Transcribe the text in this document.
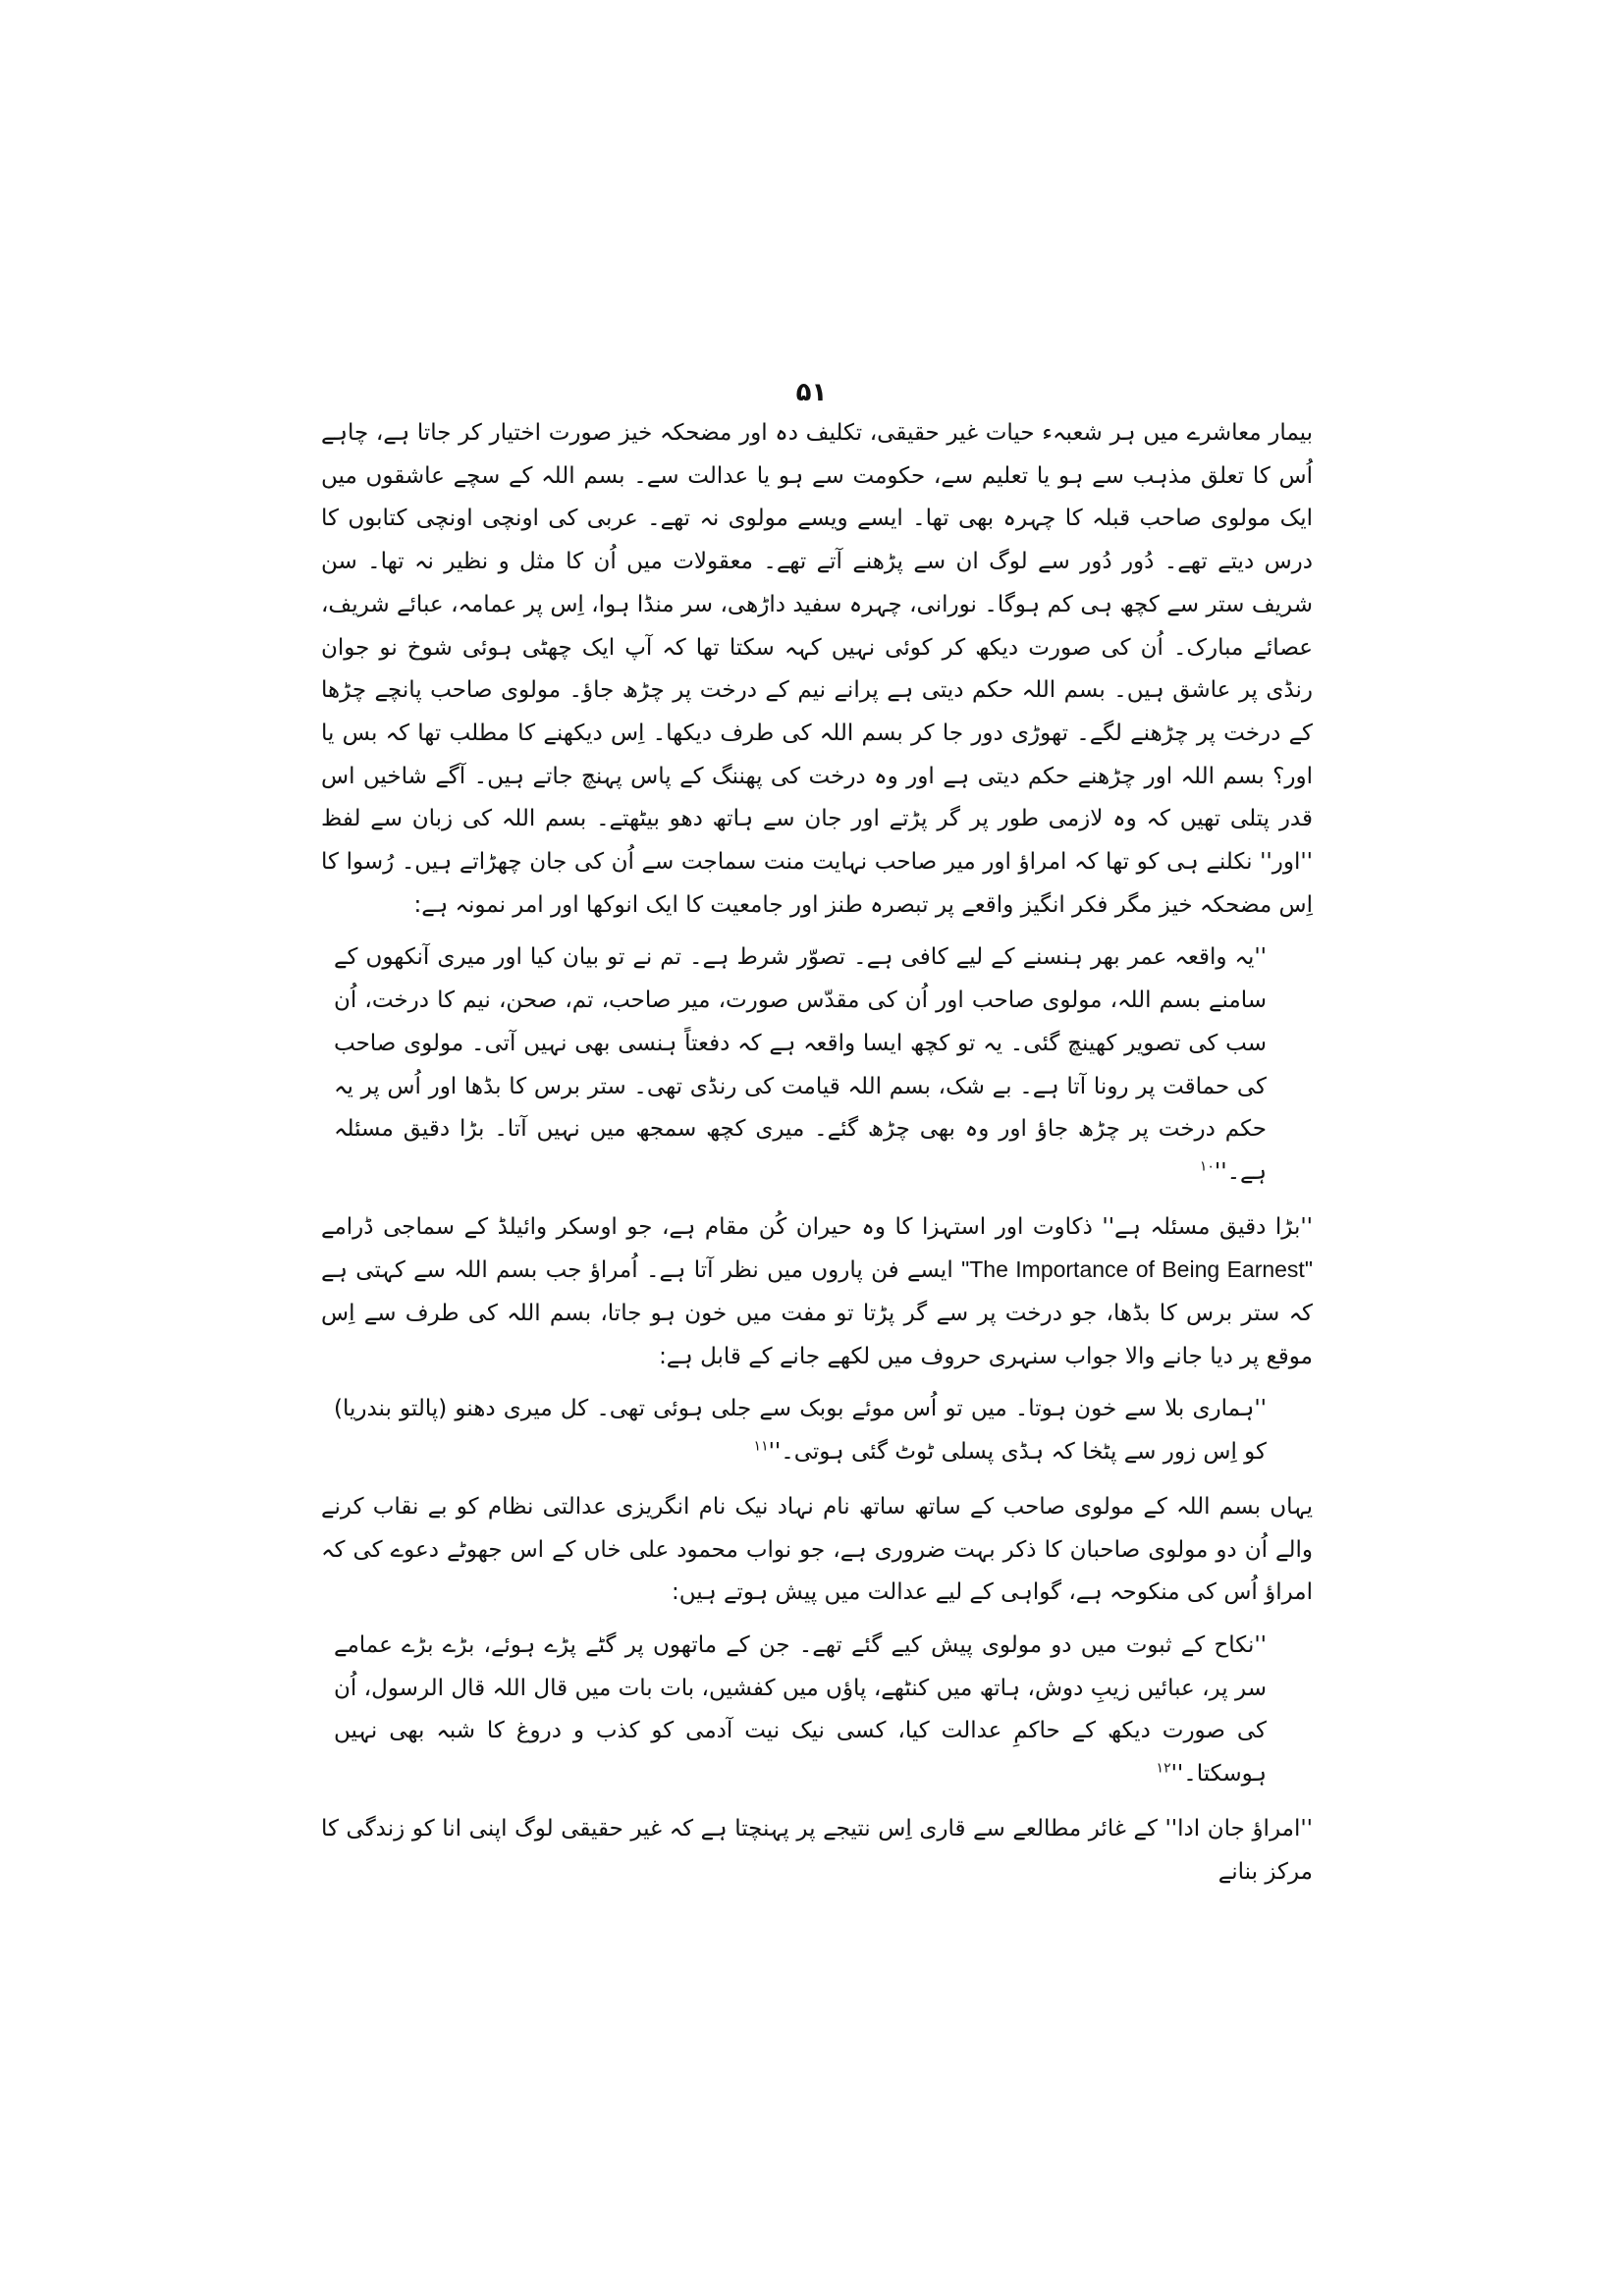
۵۱

بیمار معاشرے میں ہر شعبہء حیات غیر حقیقی، تکلیف دہ اور مضحکہ خیز صورت اختیار کر جاتا ہے، چاہے اُس کا تعلق مذہب سے ہو یا تعلیم سے، حکومت سے ہو یا عدالت سے۔ بسم اللہ کے سچے عاشقوں میں ایک مولوی صاحب قبلہ کا چہرہ بھی تھا۔ ایسے ویسے مولوی نہ تھے۔ عربی کی اونچی اونچی کتابوں کا درس دیتے تھے۔ دُور دُور سے لوگ ان سے پڑھنے آتے تھے۔ معقولات میں اُن کا مثل و نظیر نہ تھا۔ سن شریف ستر سے کچھ ہی کم ہوگا۔ نورانی، چہرہ سفید داڑھی، سر منڈا ہوا، اِس پر عمامہ، عبائے شریف، عصائے مبارک۔ اُن کی صورت دیکھ کر کوئی نہیں کہہ سکتا تھا کہ آپ ایک چھٹی ہوئی شوخ نو جوان رنڈی پر عاشق ہیں۔ بسم اللہ حکم دیتی ہے پرانے نیم کے درخت پر چڑھ جاؤ۔ مولوی صاحب پانچے چڑھا کے درخت پر چڑھنے لگے۔ تھوڑی دور جا کر بسم اللہ کی طرف دیکھا۔ اِس دیکھنے کا مطلب تھا کہ بس یا اور؟ بسم اللہ اور چڑھنے حکم دیتی ہے اور وہ درخت کی پھننگ کے پاس پہنچ جاتے ہیں۔ آگے شاخیں اس قدر پتلی تھیں کہ وہ لازمی طور پر گر پڑتے اور جان سے ہاتھ دھو بیٹھتے۔ بسم اللہ کی زبان سے لفظ ''اور'' نکلنے ہی کو تھا کہ امراؤ اور میر صاحب نہایت منت سماجت سے اُن کی جان چھڑاتے ہیں۔ رُسوا کا اِس مضحکہ خیز مگر فکر انگیز واقعے پر تبصرہ طنز اور جامعیت کا ایک انوکھا اور امر نمونہ ہے:

''یہ واقعہ عمر بھر ہنسنے کے لیے کافی ہے۔ تصوّر شرط ہے۔ تم نے تو بیان کیا اور میری آنکھوں کے سامنے بسم اللہ، مولوی صاحب اور اُن کی مقدّس صورت، میر صاحب، تم، صحن، نیم کا درخت، اُن سب کی تصویر کھینچ گئی۔ یہ تو کچھ ایسا واقعہ ہے کہ دفعتاً ہنسی بھی نہیں آتی۔ مولوی صاحب کی حماقت پر رونا آتا ہے۔ بے شک، بسم اللہ قیامت کی رنڈی تھی۔ ستر برس کا بڈھا اور اُس پر یہ حکم درخت پر چڑھ جاؤ اور وہ بھی چڑھ گئے۔ میری کچھ سمجھ میں نہیں آتا۔ بڑا دقیق مسئلہ $ہے۔''^{۱۰}$

''بڑا دقیق مسئلہ ہے'' ذکاوت اور استہزا کا وہ حیران کُن مقام ہے، جو اوسکر وائیلڈ کے سماجی ڈرامے "The Importance of Being Earnest" ایسے فن پاروں میں نظر آتا ہے۔ اُمراؤ جب بسم اللہ سے کہتی ہے کہ ستر برس کا بڈھا، جو درخت پر سے گر پڑتا تو مفت میں خون ہو جاتا، بسم اللہ کی طرف سے اِس موقع پر دیا جانے والا جواب سنہری حروف میں لکھے جانے کے قابل ہے:

''ہماری بلا سے خون ہوتا۔ میں تو اُس موئے بوبک سے جلی ہوئی تھی۔ کل میری دھنو (پالتو بندریا) کو اِس زور سے پٹخا کہ ہڈی پسلی ٹوٹ گئی $ہوتی۔''^{۱۱}$

یہاں بسم اللہ کے مولوی صاحب کے ساتھ ساتھ نام نہاد نیک نام انگریزی عدالتی نظام کو بے نقاب کرنے والے اُن دو مولوی صاحبان کا ذکر بہت ضروری ہے، جو نواب محمود علی خاں کے اس جھوٹے دعوے کی کہ امراؤ اُس کی منکوحہ ہے، گواہی کے لیے عدالت میں پیش ہوتے ہیں:

''نکاح کے ثبوت میں دو مولوی پیش کیے گئے تھے۔ جن کے ماتھوں پر گٹے پڑے ہوئے، بڑے بڑے عمامے سر پر، عبائیں زیبِ دوش، ہاتھ میں کنٹھے، پاؤں میں کفشیں، بات بات میں قال اللہ قال الرسول، اُن کی صورت دیکھ کے حاکمِ عدالت کیا، کسی نیک نیت آدمی کو کذب و دروغ کا شبہ بھی نہیں $ہوسکتا۔''^{۱۲}$

''امراؤ جان ادا'' کے غائر مطالعے سے قاری اِس نتیجے پر پہنچتا ہے کہ غیر حقیقی لوگ اپنی انا کو زندگی کا مرکز بنانے
